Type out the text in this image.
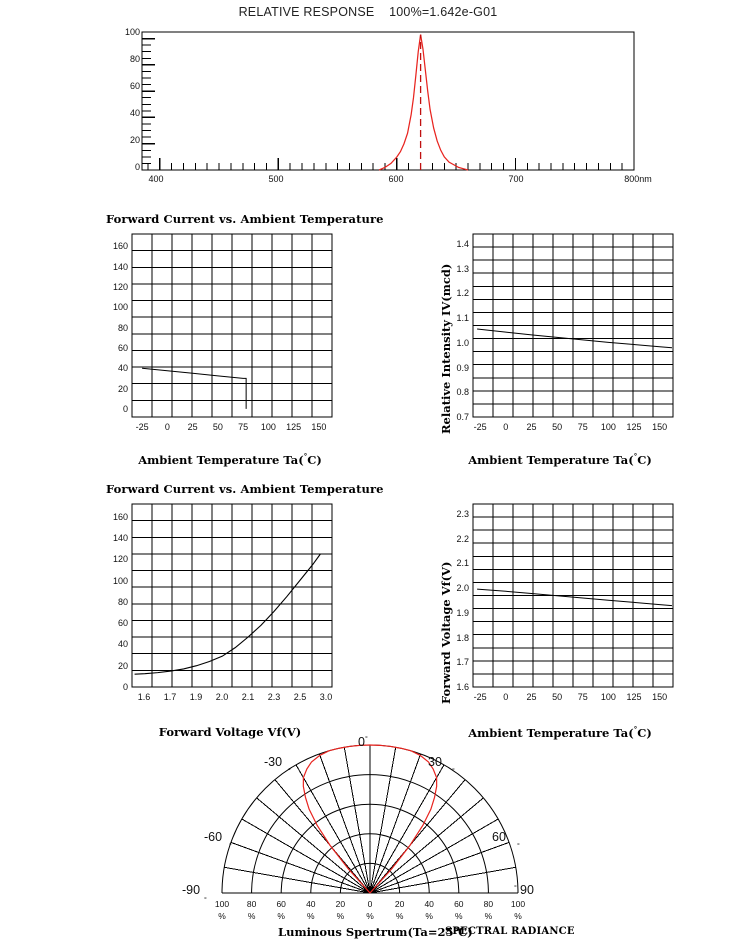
RELATIVE RESPONSE    100%=1.642e-G01
100
80
60
40
20
0
400	500	600	700	800nm
Forward Current vs. Ambient Temperature
Ambient Temperature Ta(°C)
0
20
40
60
80
100
120
140
160
-25	0	25	50	75	100	125	150	Relative Intensity IV(mcd)
Ambient Temperature Ta(°C)
0.7
0.8
0.9
1.0
1.1
1.2
1.3
1.4
-25	0	25	50	75	100	125	150
Forward Current vs. Ambient Temperature
Forward Voltage Vf(V)
0
20
40
60
80
100
120
140
160
1.6	1.7	1.9	2.0	2.1	2.3	2.5	3.0	Forward Voltage Vf(V)
Ambient Temperature Ta(°C)
1.6
1.7
1.8
1.9
2.0
2.1
2.2
2.3
-25	0	25	50	75	100	125	150
0°
-30
°
30
°
-60
°
60
°
-90
°
90
°
Luminous Spertrum(Ta=25℃)
SPECTRAL RADIANCE
100
%
80
%
60
%
40
%
20
%
0
%
20
%
40
%
60
%
80
%
100
%
